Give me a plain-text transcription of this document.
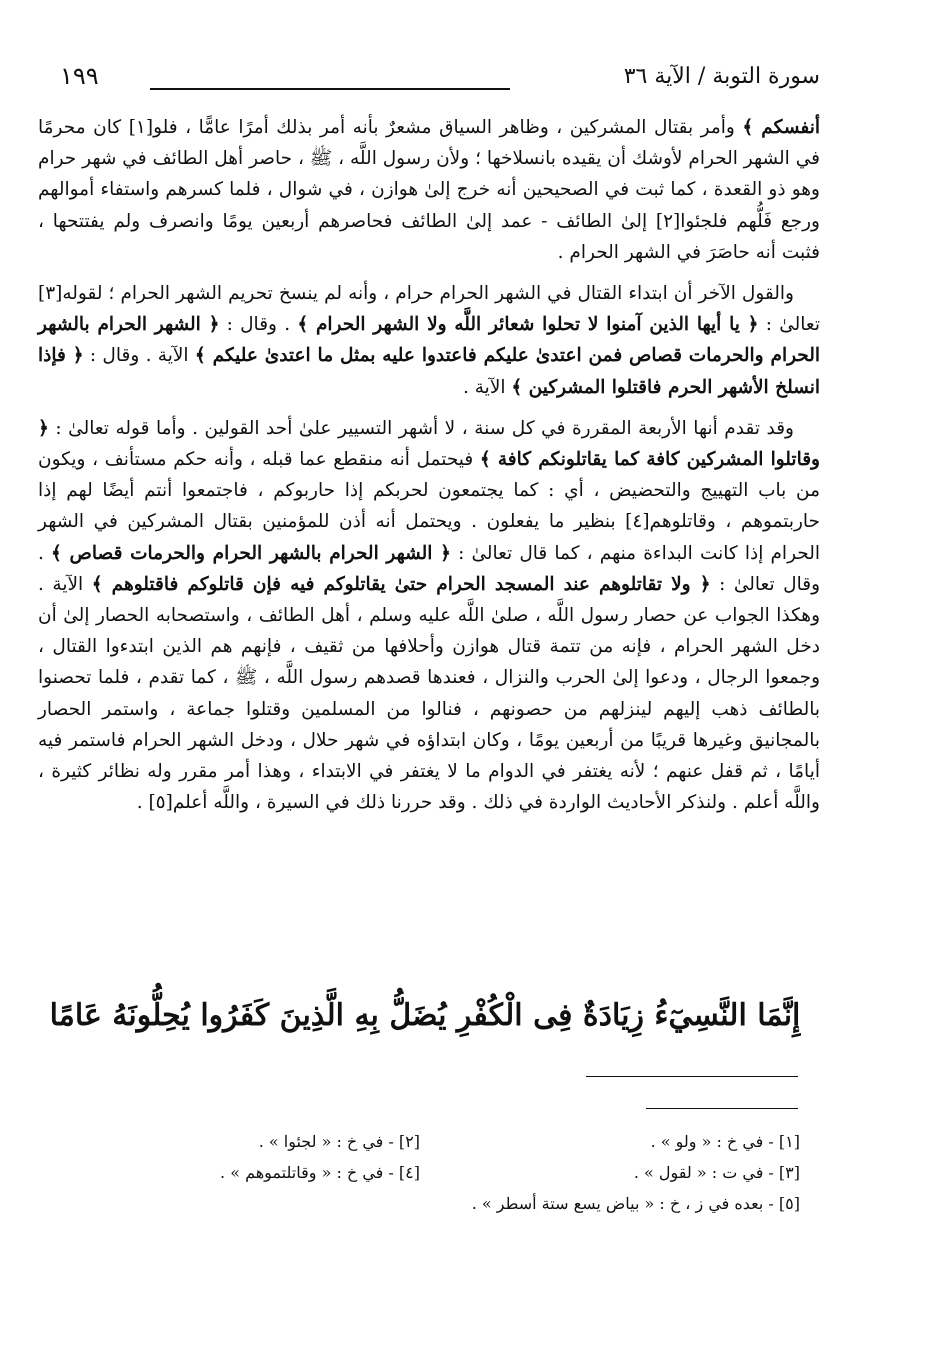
١٩٩	سورة التوبة / الآية ٣٦

أنفسكم ﴾ وأمر بقتال المشركين ، وظاهر السياق مشعرٌ بأنه أمر بذلك أمرًا عامًّا ، فلو[١] كان محرمًا في الشهر الحرام لأوشك أن يقيده بانسلاخها ؛ ولأن رسول اللَّه ، ﷺ ، حاصر أهل الطائف في شهر حرام وهو ذو القعدة ، كما ثبت في الصحيحين أنه خرج إلىٰ هوازن ، في شوال ، فلما كسرهم واستفاء أموالهم ورجع فَلُّهم فلجئوا[٢] إلىٰ الطائف - عمد إلىٰ الطائف فحاصرهم أربعين يومًا وانصرف ولم يفتتحها ، فثبت أنه حاصَرَ في الشهر الحرام .

والقول الآخر أن ابتداء القتال في الشهر الحرام حرام ، وأنه لم ينسخ تحريم الشهر الحرام ؛ لقوله[٣] تعالىٰ : ﴿ يا أيها الذين آمنوا لا تحلوا شعائر اللَّه ولا الشهر الحرام ﴾ . وقال : ﴿ الشهر الحرام بالشهر الحرام والحرمات قصاص فمن اعتدىٰ عليكم فاعتدوا عليه بمثل ما اعتدىٰ عليكم ﴾ الآية . وقال : ﴿ فإذا انسلخ الأشهر الحرم فاقتلوا المشركين ﴾ الآية .

وقد تقدم أنها الأربعة المقررة في كل سنة ، لا أشهر التسيير علىٰ أحد القولين . وأما قوله تعالىٰ : ﴿ وقاتلوا المشركين كافة كما يقاتلونكم كافة ﴾ فيحتمل أنه منقطع عما قبله ، وأنه حكم مستأنف ، ويكون من باب التهييج والتحضيض ، أي : كما يجتمعون لحربكم إذا حاربوكم ، فاجتمعوا أنتم أيضًا لهم إذا حاربتموهم ، وقاتلوهم[٤] بنظير ما يفعلون . ويحتمل أنه أذن للمؤمنين بقتال المشركين في الشهر الحرام إذا كانت البداءة منهم ، كما قال تعالىٰ : ﴿ الشهر الحرام بالشهر الحرام والحرمات قصاص ﴾ . وقال تعالىٰ : ﴿ ولا تقاتلوهم عند المسجد الحرام حتىٰ يقاتلوكم فيه فإن قاتلوكم فاقتلوهم ﴾ الآية . وهكذا الجواب عن حصار رسول اللَّه ، صلىٰ اللَّه عليه وسلم ، أهل الطائف ، واستصحابه الحصار إلىٰ أن دخل الشهر الحرام ، فإنه من تتمة قتال هوازن وأحلافها من ثقيف ، فإنهم هم الذين ابتدءوا القتال ، وجمعوا الرجال ، ودعوا إلىٰ الحرب والنزال ، فعندها قصدهم رسول اللَّه ، ﷺ ، كما تقدم ، فلما تحصنوا بالطائف ذهب إليهم لينزلهم من حصونهم ، فنالوا من المسلمين وقتلوا جماعة ، واستمر الحصار بالمجانيق وغيرها قريبًا من أربعين يومًا ، وكان ابتداؤه في شهر حلال ، ودخل الشهر الحرام فاستمر فيه أيامًا ، ثم قفل عنهم ؛ لأنه يغتفر في الدوام ما لا يغتفر في الابتداء ، وهذا أمر مقرر وله نظائر كثيرة ، واللَّه أعلم . ولنذكر الأحاديث الواردة في ذلك . وقد حررنا ذلك في السيرة ، واللَّه أعلم[٥] .

إِنَّمَا النَّسِيٓءُ زِيَادَةٌ فِى الْكُفْرِ يُضَلُّ بِهِ الَّذِينَ كَفَرُوا يُحِلُّونَهُ عَامًا
[١] - في خ : « ولو » .
[٢] - في خ : « لجئوا » .
[٣] - في ت : « لقول » .
[٤] - في خ : « وقاتلتموهم » .
[٥] - بعده في ز ، خ : « بياض يسع ستة أسطر » .
